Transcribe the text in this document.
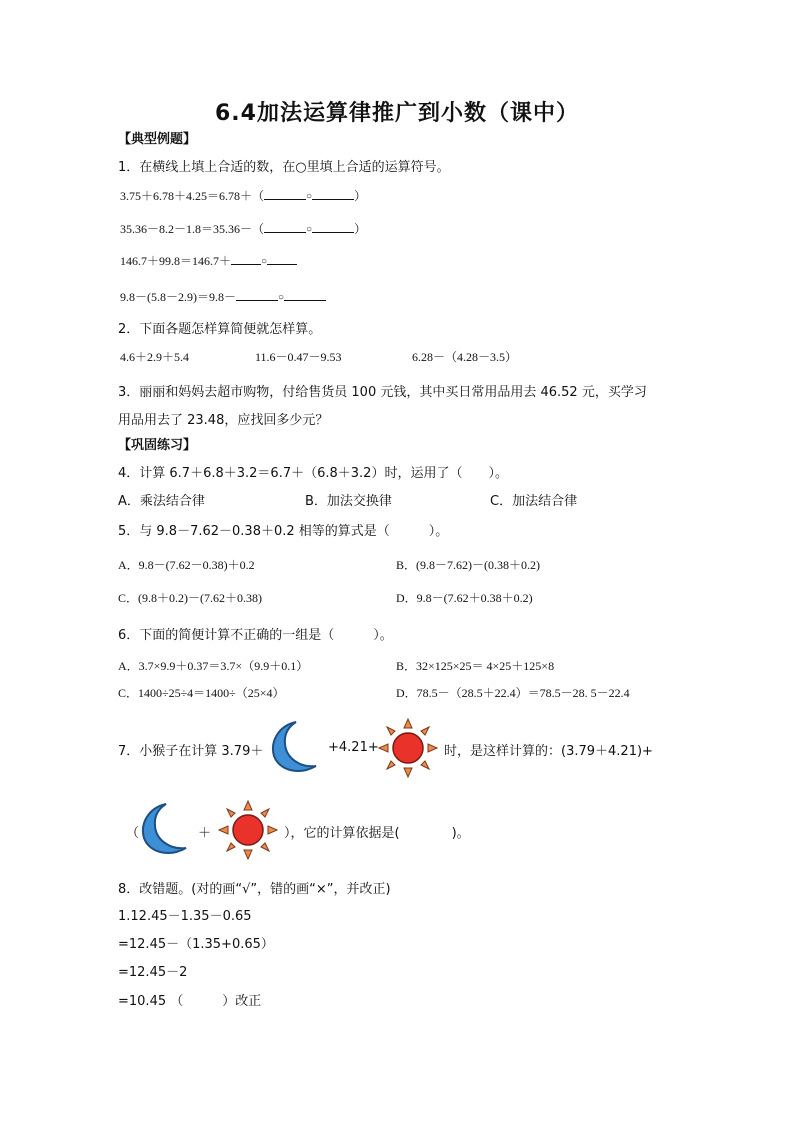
6.4加法运算律推广到小数（课中）
【典型例题】
1．在横线上填上合适的数，在○里填上合适的运算符号。
3.75＋6.78＋4.25＝6.78＋（	○	）
35.36－8.2－1.8＝35.36－（	○	）
146.7＋99.8＝146.7＋	○
9.8－(5.8－2.9)＝9.8－	○
2．下面各题怎样算简便就怎样算。
4.6＋2.9＋5.4	11.6－0.47－9.53	6.28－（4.28－3.5）
3．丽丽和妈妈去超市购物，付给售货员 100 元钱，其中买日常用品用去 46.52 元，买学习
用品用去了 23.48，应找回多少元？
【巩固练习】
4．计算 6.7＋6.8＋3.2＝6.7＋（6.8＋3.2）时，运用了（　　）。
A．乘法结合律	B．加法交换律	C．加法结合律
5．与 9.8－7.62－0.38＋0.2 相等的算式是（　　　）。
A．9.8－(7.62－0.38)＋0.2	B．(9.8－7.62)－(0.38＋0.2)
C．(9.8＋0.2)－(7.62＋0.38)	D．9.8－(7.62＋0.38＋0.2)
6．下面的简便计算不正确的一组是（　　　）。
A．3.7×9.9＋0.37＝3.7×（9.9＋0.1）	B．32×125×25＝ 4×25＋125×8
C．1400÷25÷4＝1400÷（25×4）	D．78.5－（28.5＋22.4）＝78.5－28. 5－22.4
7．小猴子在计算 3.79＋	+4.21+	时，是这样计算的：(3.79＋4.21)+
（	＋	），它的计算依据是(　　　　)。
8．改错题。(对的画“√”，错的画“×”，并改正)
1.12.45－1.35－0.65
=12.45－（1.35+0.65）
=12.45－2
=10.45 （　　　）改正
